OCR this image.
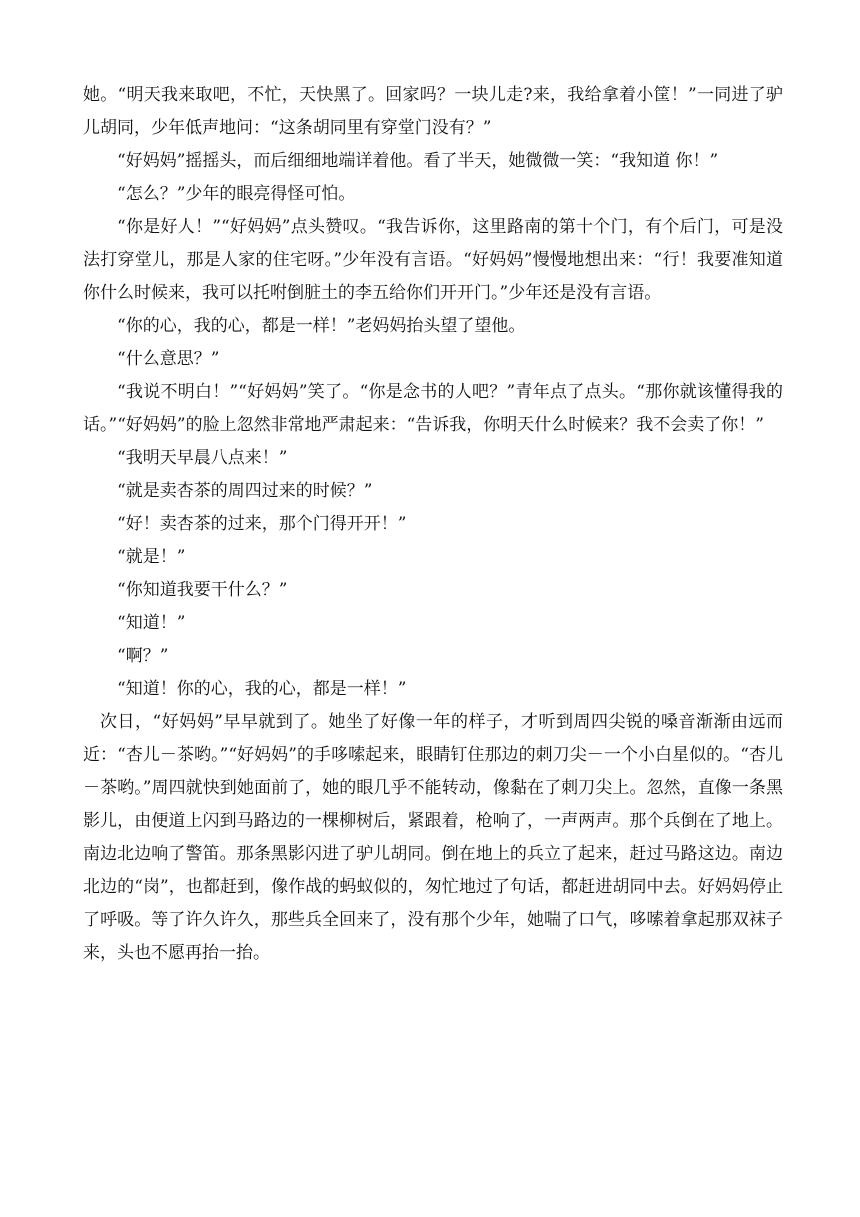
她。“明天我来取吧，不忙，天快黑了。回家吗？一块儿走?来，我给拿着小筐！”一同进了驴儿胡同，少年低声地问：“这条胡同里有穿堂门没有？”

“好妈妈”摇摇头，而后细细地端详着他。看了半天，她微微一笑：“我知道 你！”

“怎么？”少年的眼亮得怪可怕。

“你是好人！”“好妈妈”点头赞叹。“我告诉你，这里路南的第十个门，有个后门，可是没法打穿堂儿，那是人家的住宅呀。”少年没有言语。“好妈妈”慢慢地想出来：“行！我要准知道你什么时候来，我可以托咐倒脏土的李五给你们开开门。”少年还是没有言语。

“你的心，我的心，都是一样！”老妈妈抬头望了望他。

“什么意思？”

“我说不明白！”“好妈妈”笑了。“你是念书的人吧？”青年点了点头。“那你就该懂得我的话。”“好妈妈”的脸上忽然非常地严肃起来：“告诉我，你明天什么时候来？我不会卖了你！”

“我明天早晨八点来！”

“就是卖杏茶的周四过来的时候？”

“好！卖杏茶的过来，那个门得开开！”

“就是！”

“你知道我要干什么？”

“知道！”

“啊？”

“知道！你的心，我的心，都是一样！”

次日，“好妈妈”早早就到了。她坐了好像一年的样子，才听到周四尖锐的嗓音渐渐由远而近：“杏儿－茶哟。”“好妈妈”的手哆嗦起来，眼睛钉住那边的刺刀尖－一个小白星似的。“杏儿－茶哟。”周四就快到她面前了，她的眼几乎不能转动，像黏在了刺刀尖上。忽然，直像一条黑影儿，由便道上闪到马路边的一棵柳树后，紧跟着，枪响了，一声两声。那个兵倒在了地上。南边北边响了警笛。那条黑影闪进了驴儿胡同。倒在地上的兵立了起来，赶过马路这边。南边北边的“岗”，也都赶到，像作战的蚂蚁似的，匆忙地过了句话，都赶进胡同中去。好妈妈停止了呼吸。等了许久许久，那些兵全回来了，没有那个少年，她喘了口气，哆嗦着拿起那双袜子来，头也不愿再抬一抬。
